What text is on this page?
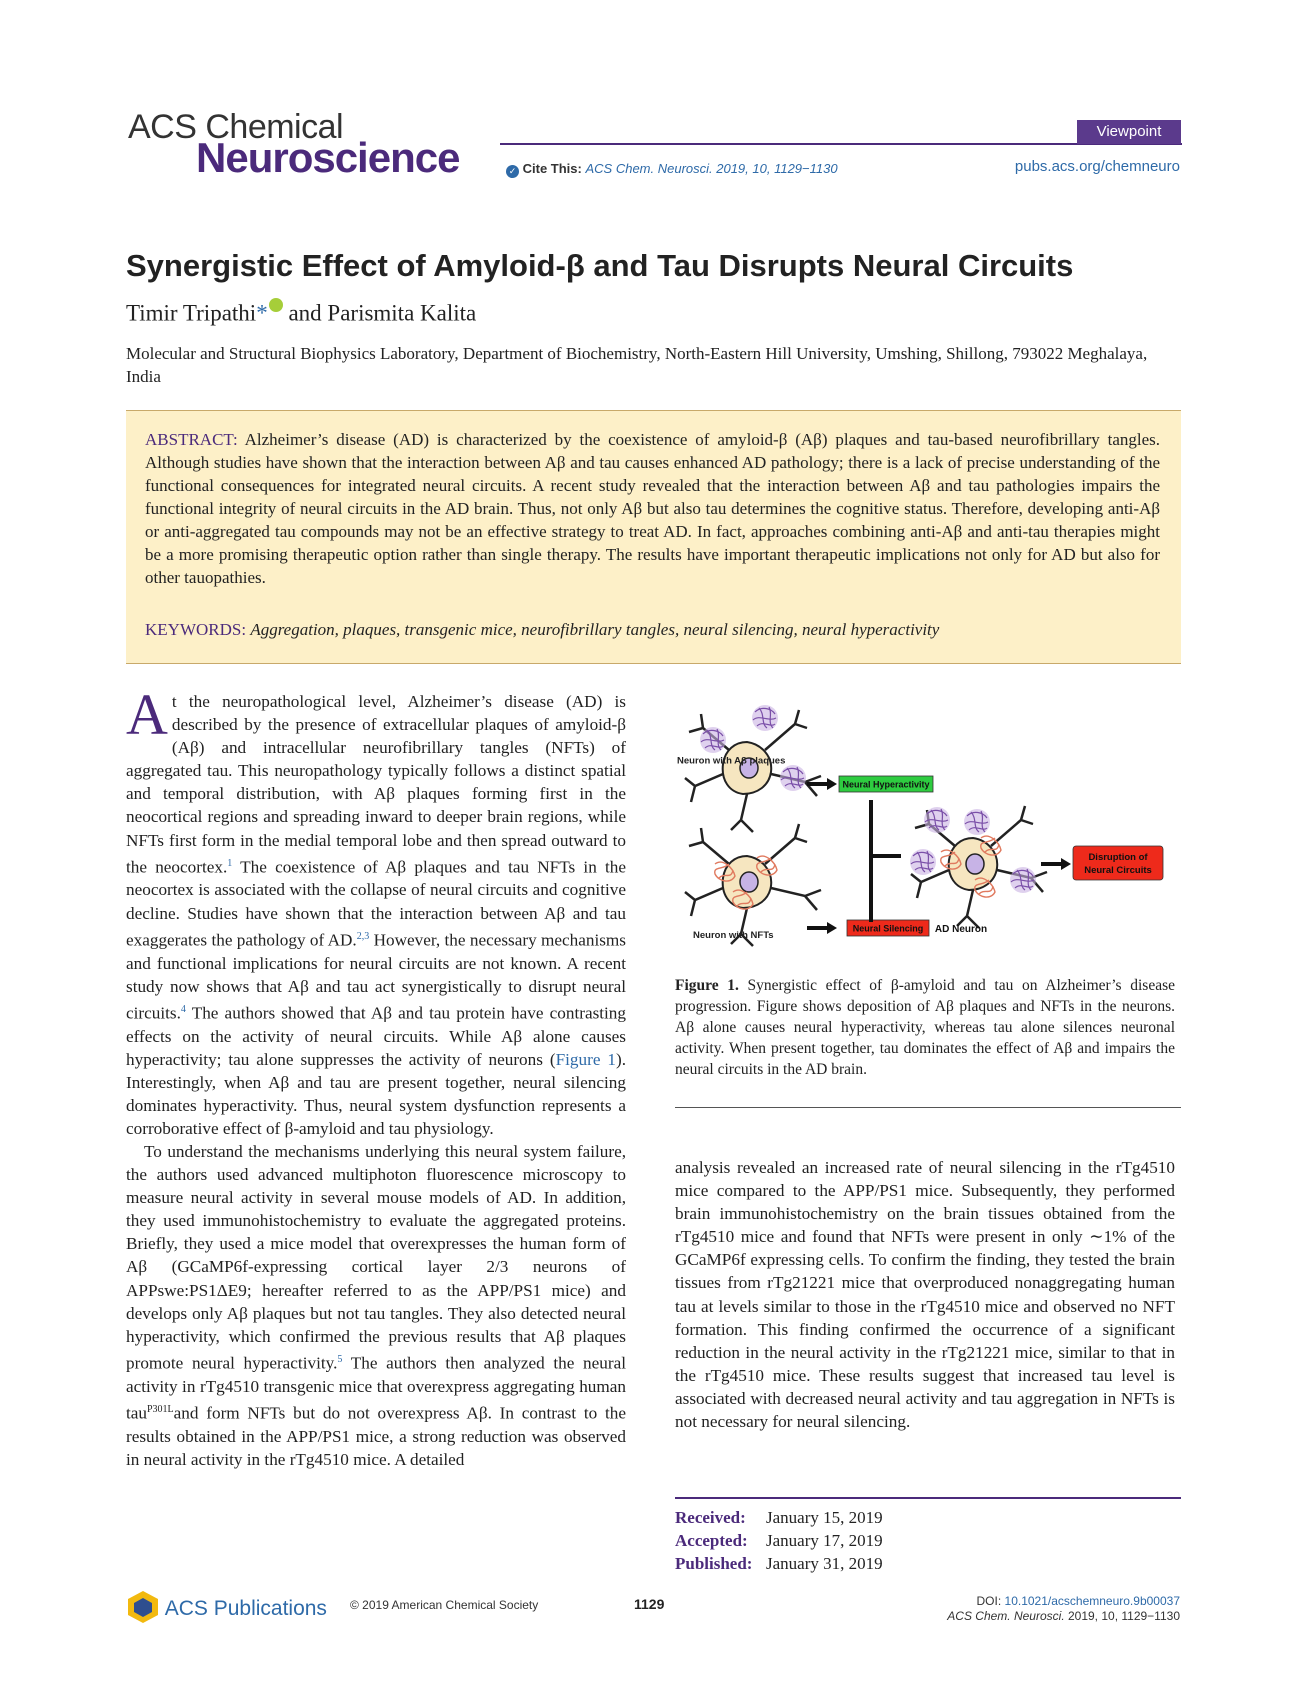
ACS Chemical
Neuroscience
Viewpoint
✓ Cite This: ACS Chem. Neurosci. 2019, 10, 1129−1130	pubs.acs.org/chemneuro
Synergistic Effect of Amyloid-β and Tau Disrupts Neural Circuits
Timir Tripathi* and Parismita Kalita
Molecular and Structural Biophysics Laboratory, Department of Biochemistry, North-Eastern Hill University, Umshing, Shillong, 793022 Meghalaya, India
ABSTRACT: Alzheimer’s disease (AD) is characterized by the coexistence of amyloid-β (Aβ) plaques and tau-based neurofibrillary tangles. Although studies have shown that the interaction between Aβ and tau causes enhanced AD pathology; there is a lack of precise understanding of the functional consequences for integrated neural circuits. A recent study revealed that the interaction between Aβ and tau pathologies impairs the functional integrity of neural circuits in the AD brain. Thus, not only Aβ but also tau determines the cognitive status. Therefore, developing anti-Aβ or anti-aggregated tau compounds may not be an effective strategy to treat AD. In fact, approaches combining anti-Aβ and anti-tau therapies might be a more promising therapeutic option rather than single therapy. The results have important therapeutic implications not only for AD but also for other tauopathies.
KEYWORDS: Aggregation, plaques, transgenic mice, neurofibrillary tangles, neural silencing, neural hyperactivity

At the neuropathological level, Alzheimer’s disease (AD) is described by the presence of extracellular plaques of amyloid-β (Aβ) and intracellular neurofibrillary tangles (NFTs) of aggregated tau. This neuropathology typically follows a distinct spatial and temporal distribution, with Aβ plaques forming first in the neocortical regions and spreading inward to deeper brain regions, while NFTs first form in the medial temporal lobe and then spread outward to the neocortex.$^1$ The coexistence of Aβ plaques and tau NFTs in the neocortex is associated with the collapse of neural circuits and cognitive decline. Studies have shown that the interaction between Aβ and tau exaggerates the pathology of AD.$^{2,3}$ However, the necessary mechanisms and functional implications for neural circuits are not known. A recent study now shows that Aβ and tau act synergistically to disrupt neural circuits.$^4$ The authors showed that Aβ and tau protein have contrasting effects on the activity of neural circuits. While Aβ alone causes hyperactivity; tau alone suppresses the activity of neurons (Figure 1). Interestingly, when Aβ and tau are present together, neural silencing dominates hyperactivity. Thus, neural system dysfunction represents a corroborative effect of β-amyloid and tau physiology.

To understand the mechanisms underlying this neural system failure, the authors used advanced multiphoton fluorescence microscopy to measure neural activity in several mouse models of AD. In addition, they used immunohistochemistry to evaluate the aggregated proteins. Briefly, they used a mice model that overexpresses the human form of Aβ (GCaMP6f-expressing cortical layer 2/3 neurons of APPswe:PS1ΔE9; hereafter referred to as the APP/PS1 mice) and develops only Aβ plaques but not tau tangles. They also detected neural hyperactivity, which confirmed the previous results that Aβ plaques promote neural hyperactivity.$^5$ The authors then analyzed the neural activity in rTg4510 transgenic mice that overexpress aggregating human tau$^{P301L}$and form NFTs but do not overexpress Aβ. In contrast to the results obtained in the APP/PS1 mice, a strong reduction was observed in neural activity in the rTg4510 mice. A detailed

Neuron with Aβ plaques
Neuron with NFTs
Neural Hyperactivity
Neural Silencing AD Neuron
Disruption of
Neural Circuits
Figure 1. Synergistic effect of β-amyloid and tau on Alzheimer’s disease progression. Figure shows deposition of Aβ plaques and NFTs in the neurons. Aβ alone causes neural hyperactivity, whereas tau alone silences neuronal activity. When present together, tau dominates the effect of Aβ and impairs the neural circuits in the AD brain.

analysis revealed an increased rate of neural silencing in the rTg4510 mice compared to the APP/PS1 mice. Subsequently, they performed brain immunohistochemistry on the brain tissues obtained from the rTg4510 mice and found that NFTs were present in only ∼1% of the GCaMP6f expressing cells. To confirm the finding, they tested the brain tissues from rTg21221 mice that overproduced nonaggregating human tau at levels similar to those in the rTg4510 mice and observed no NFT formation. This finding confirmed the occurrence of a significant reduction in the neural activity in the rTg21221 mice, similar to that in the rTg4510 mice. These results suggest that increased tau level is associated with decreased neural activity and tau aggregation in NFTs is not necessary for neural silencing.

Received: January 15, 2019
Accepted: January 17, 2019
Published: January 31, 2019
ACS Publications © 2019 American Chemical Society	1129	DOI: 10.1021/acschemneuro.9b00037
ACS Chem. Neurosci. 2019, 10, 1129−1130
